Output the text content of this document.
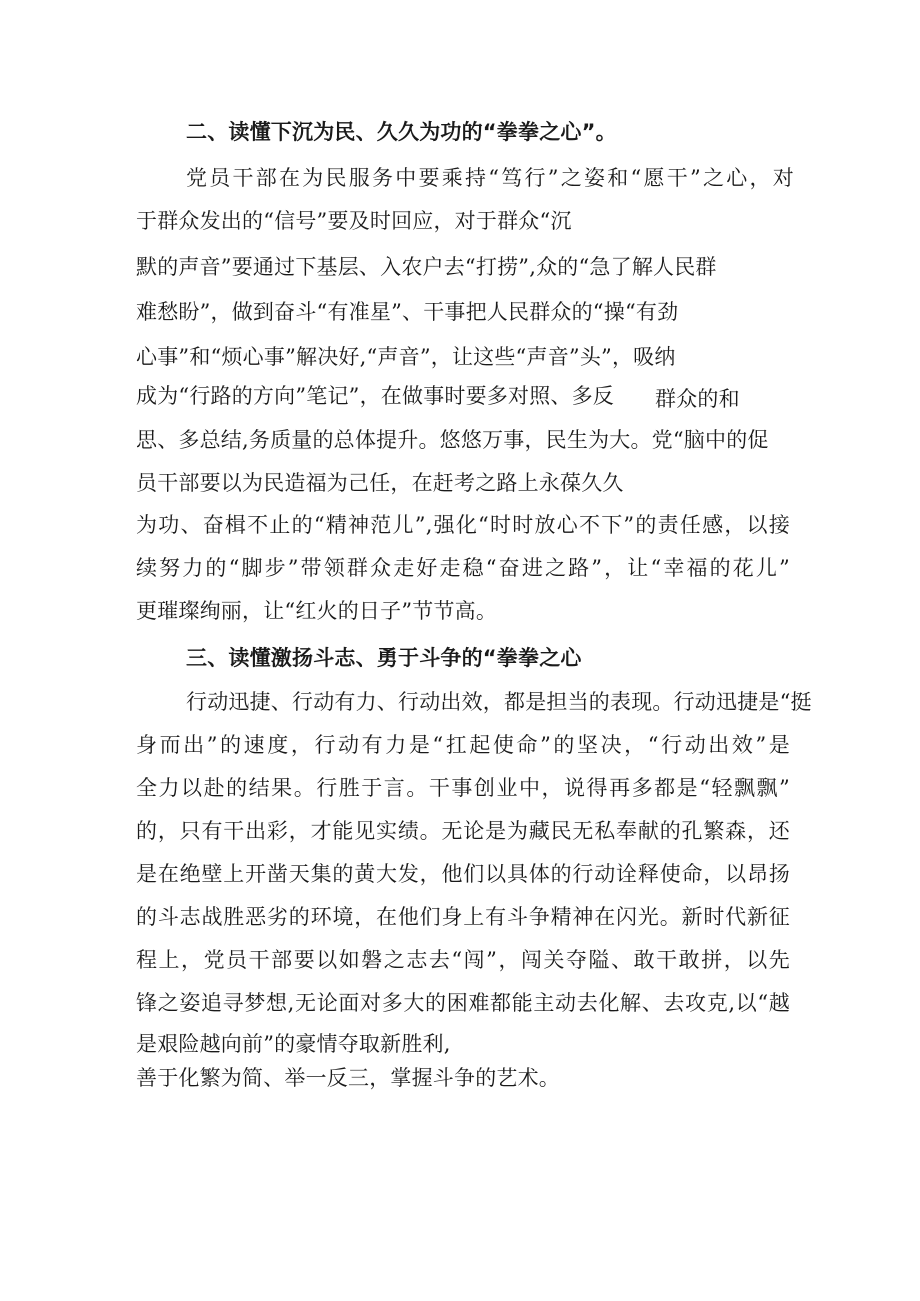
二、读懂下沉为民、久久为功的“拳拳之心”。
党员干部在为民服务中要乘持“笃行”之姿和“愿干”之心，对
于群众发出的“信号”要及时回应，对于群众“沉
默的声音”要通过下基层、入农户去“打捞”,众的“急了解人民群
难愁盼”，做到奋斗“有准星”、干事把人民群众的“操“有劲
心事”和“烦心事”解决好,“声音”，让这些“声音”头”，吸纳
成为“行路的方向”笔记”，在做事时要多对照、多反 群众的和
思、多总结,务质量的总体提升。悠悠万事，民生为大。党“脑中的促
员干部要以为民造福为己任，在赶考之路上永葆久久
为功、奋楫不止的“精神范儿”,强化“时时放心不下”的责任感，以接
续努力的“脚步”带领群众走好走稳“奋进之路”，让“幸福的花儿”
更璀璨绚丽，让“红火的日子”节节高。
三、读懂激扬斗志、勇于斗争的“拳拳之心
行动迅捷、行动有力、行动出效，都是担当的表现。行动迅捷是“挺
身而出”的速度，行动有力是“扛起使命”的坚决，“行动出效”是
全力以赴的结果。行胜于言。干事创业中，说得再多都是“轻飘飘”
的，只有干出彩，才能见实绩。无论是为藏民无私奉献的孔繁森，还
是在绝壁上开凿天集的黄大发，他们以具体的行动诠释使命，以昂扬
的斗志战胜恶劣的环境，在他们身上有斗争精神在闪光。新时代新征
程上，党员干部要以如磐之志去“闯”，闯关夺隘、敢干敢拼，以先
锋之姿追寻梦想,无论面对多大的困难都能主动去化解、去攻克,以“越
是艰险越向前”的豪情夺取新胜利,
善于化繁为简、举一反三，掌握斗争的艺术。
